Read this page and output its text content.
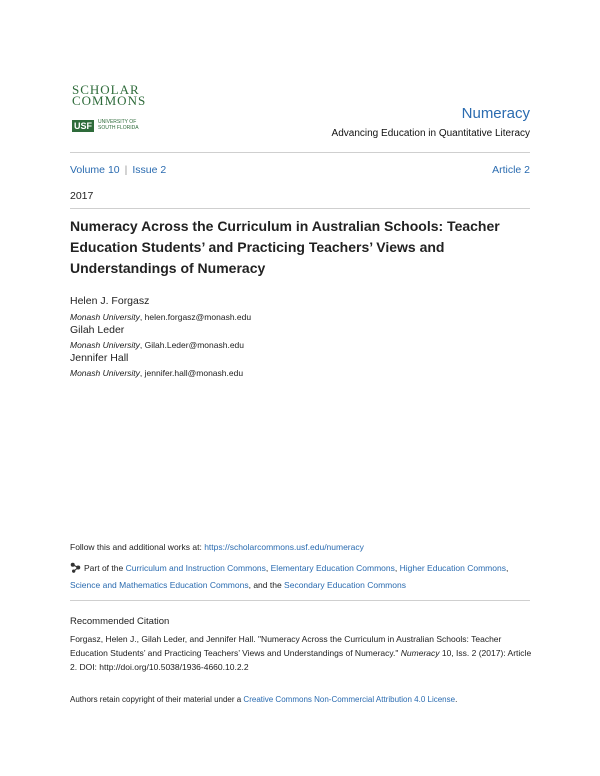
SCHOLAR
COMMONS
USF	UNIVERSITY OF
SOUTH FLORIDA
Numeracy
Advancing Education in Quantitative Literacy
Volume 10 | Issue 2	Article 2
2017
Numeracy Across the Curriculum in Australian Schools: Teacher Education Students’ and Practicing Teachers’ Views and Understandings of Numeracy
Helen J. Forgasz
Monash University, helen.forgasz@monash.edu
Gilah Leder
Monash University, Gilah.Leder@monash.edu
Jennifer Hall
Monash University, jennifer.hall@monash.edu
Follow this and additional works at: https://scholarcommons.usf.edu/numeracy
Part of the Curriculum and Instruction Commons, Elementary Education Commons, Higher Education Commons, Science and Mathematics Education Commons, and the Secondary Education Commons
Recommended Citation
Forgasz, Helen J., Gilah Leder, and Jennifer Hall. "Numeracy Across the Curriculum in Australian Schools: Teacher Education Students’ and Practicing Teachers’ Views and Understandings of Numeracy." Numeracy 10, Iss. 2 (2017): Article 2. DOI: http://doi.org/10.5038/1936-4660.10.2.2
Authors retain copyright of their material under a Creative Commons Non-Commercial Attribution 4.0 License.
